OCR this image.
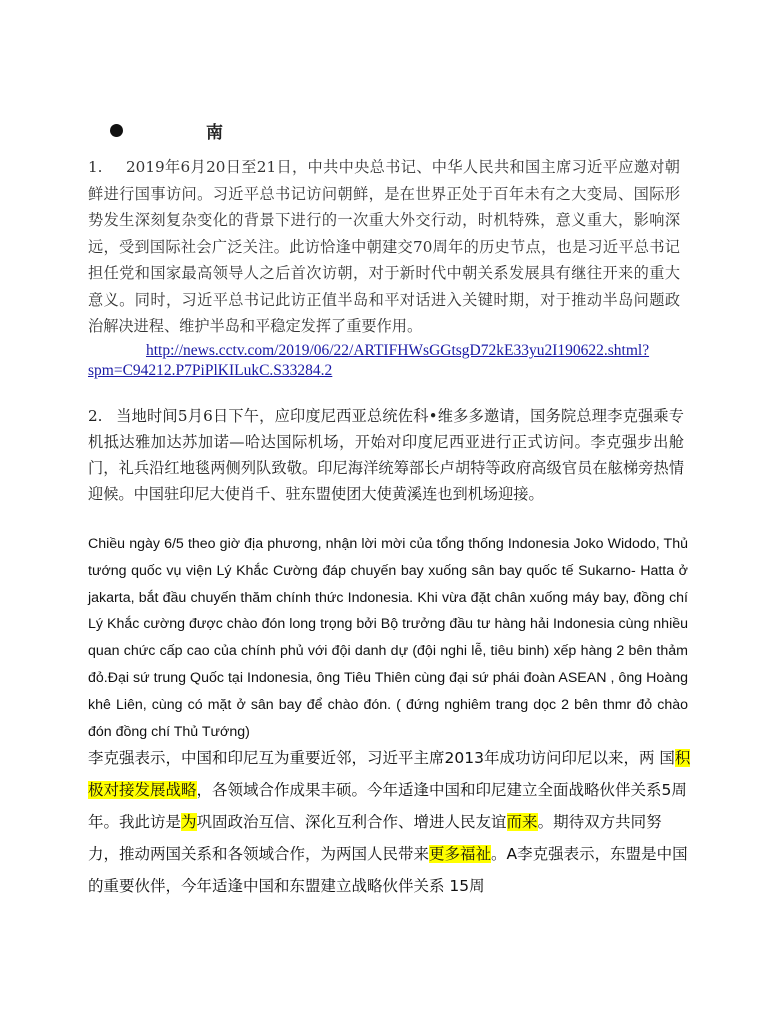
南
1. 2019年6月20日至21日，中共中央总书记、中华人民共和国主席习近平应邀对朝鲜进行国事访问。习近平总书记访问朝鲜，是在世界正处于百年未有之大变局、国际形势发生深刻复杂变化的背景下进行的一次重大外交行动，时机特殊，意义重大，影响深远，受到国际社会广泛关注。此访恰逢中朝建交70周年的历史节点，也是习近平总书记担任党和国家最高领导人之后首次访朝，对于新时代中朝关系发展具有继往开来的重大意义。同时，习近平总书记此访正值半岛和平对话进入关键时期，对于推动半岛问题政治解决进程、维护半岛和平稳定发挥了重要作用。
http://news.cctv.com/2019/06/22/ARTIFHWsGGtsgD72kE33yu2I190622.shtml?
spm=C94212.P7PiPlKILukC.S33284.2
2. 当地时间5月6日下午，应印度尼西亚总统佐科•维多多邀请，国务院总理李克强乘专机抵达雅加达苏加诺—哈达国际机场，开始对印度尼西亚进行正式访问。李克强步出舱门，礼兵沿红地毯两侧列队致敬。印尼海洋统筹部长卢胡特等政府高级官员在舷梯旁热情迎候。中国驻印尼大使肖千、驻东盟使团大使黄溪连也到机场迎接。
Chiều ngày 6/5 theo giờ địa phương, nhận lời mời của tổng thống Indonesia Joko Widodo, Thủ tướng quốc vụ viện Lý Khắc Cường đáp chuyến bay xuống sân bay quốc tế Sukarno- Hatta ở jakarta, bắt đầu chuyến thăm chính thức Indonesia. Khi vừa đặt chân xuống máy bay, đồng chí Lý Khắc cường được chào đón long trọng bởi Bộ trưởng đầu tư hàng hải Indonesia cùng nhiều quan chức cấp cao của chính phủ với đội danh dự (đội nghi lễ, tiêu binh) xếp hàng 2 bên thảm đỏ.Đại sứ trung Quốc tại Indonesia, ông Tiêu Thiên cùng đại sứ phái đoàn ASEAN , ông Hoàng khê Liên, cùng có mặt ở sân bay để chào đón. ( đứng nghiêm trang dọc 2 bên thmr đỏ chào đón đồng chí Thủ Tướng)
李克强表示，中国和印尼互为重要近邻，习近平主席2013年成功访问印尼以来，两 国积极对接发展战略，各领域合作成果丰硕。今年适逢中国和印尼建立全面战略伙伴关系5周年。我此访是为巩固政治互信、深化互利合作、增进人民友谊而来。期待双方共同努力，推动两国关系和各领域合作，为两国人民带来更多福祉。A李克强表示，东盟是中国的重要伙伴，今年适逢中国和东盟建立战略伙伴关系 15周
